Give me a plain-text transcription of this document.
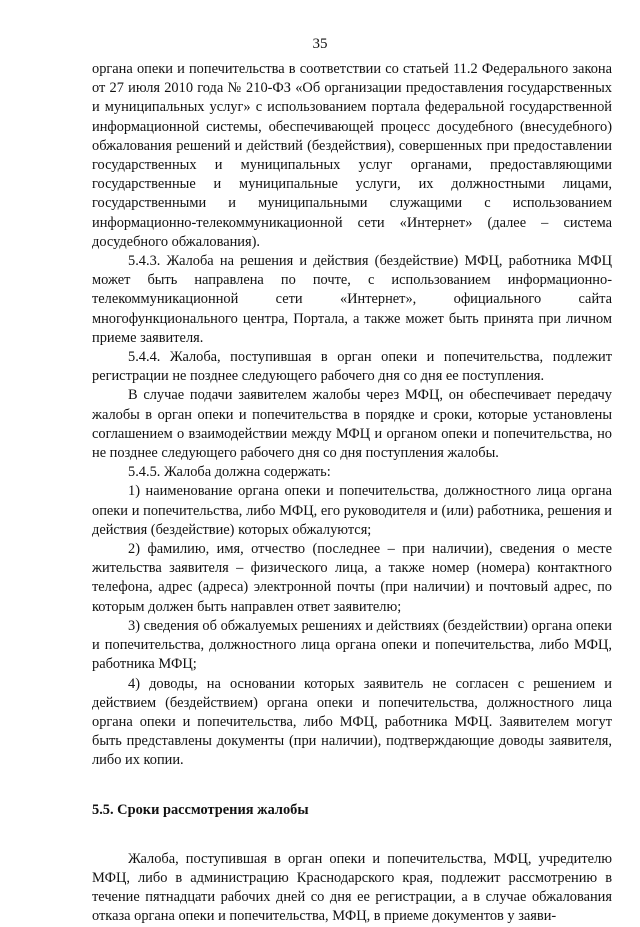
35

органа опеки и попечительства в соответствии со статьей 11.2 Федерального закона от 27 июля 2010 года № 210-ФЗ «Об организации предоставления государственных и муниципальных услуг» с использованием портала федеральной государственной информационной системы, обеспечивающей процесс досудебного (внесудебного) обжалования решений и действий (бездействия), совершенных при предоставлении государственных и муниципальных услуг органами, предоставляющими государственные и муниципальные услуги, их должностными лицами, государственными и муниципальными служащими с использованием информационно-телекоммуникационной сети «Интернет» (далее – система досудебного обжалования).

5.4.3. Жалоба на решения и действия (бездействие) МФЦ, работника МФЦ может быть направлена по почте, с использованием информационно-телекоммуникационной сети «Интернет», официального сайта многофункционального центра, Портала, а также может быть принята при личном приеме заявителя.

5.4.4. Жалоба, поступившая в орган опеки и попечительства, подлежит регистрации не позднее следующего рабочего дня со дня ее поступления.

В случае подачи заявителем жалобы через МФЦ, он обеспечивает передачу жалобы в орган опеки и попечительства в порядке и сроки, которые установлены соглашением о взаимодействии между МФЦ и органом опеки и попечительства, но не позднее следующего рабочего дня со дня поступления жалобы.

5.4.5. Жалоба должна содержать:

1) наименование органа опеки и попечительства, должностного лица органа опеки и попечительства, либо МФЦ, его руководителя и (или) работника, решения и действия (бездействие) которых обжалуются;

2) фамилию, имя, отчество (последнее – при наличии), сведения о месте жительства заявителя – физического лица, а также номер (номера) контактного телефона, адрес (адреса) электронной почты (при наличии) и почтовый адрес, по которым должен быть направлен ответ заявителю;

3) сведения об обжалуемых решениях и действиях (бездействии) органа опеки и попечительства, должностного лица органа опеки и попечительства, либо МФЦ, работника МФЦ;

4) доводы, на основании которых заявитель не согласен с решением и действием (бездействием) органа опеки и попечительства, должностного лица органа опеки и попечительства, либо МФЦ, работника МФЦ. Заявителем могут быть представлены документы (при наличии), подтверждающие доводы заявителя, либо их копии.

5.5. Сроки рассмотрения жалобы

Жалоба, поступившая в орган опеки и попечительства, МФЦ, учредителю МФЦ, либо в администрацию Краснодарского края, подлежит рассмотрению в течение пятнадцати рабочих дней со дня ее регистрации, а в случае обжалования отказа органа опеки и попечительства, МФЦ, в приеме документов у заяви-
